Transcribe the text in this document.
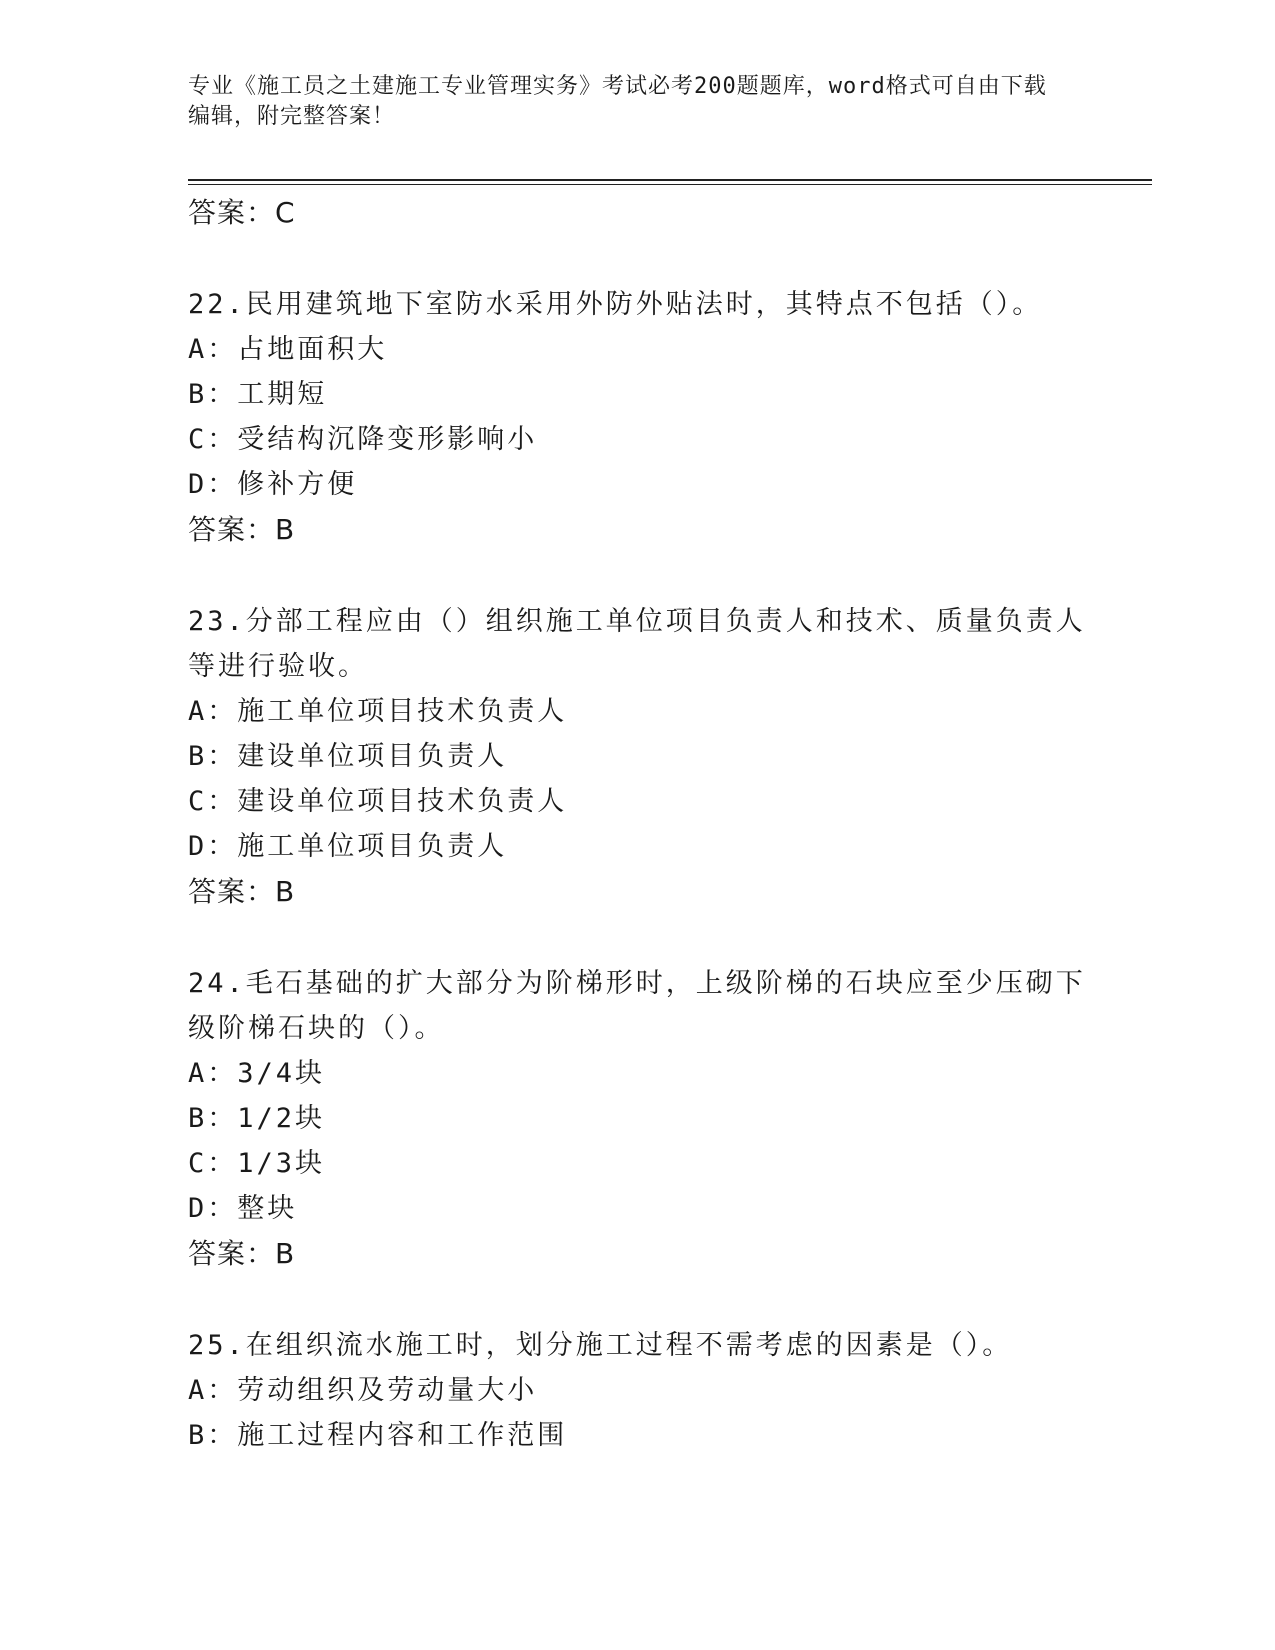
专业《施工员之土建施工专业管理实务》考试必考200题题库，word格式可自由下载编辑，附完整答案！
答案：C
22.民用建筑地下室防水采用外防外贴法时，其特点不包括（）。
A：占地面积大
B：工期短
C：受结构沉降变形影响小
D：修补方便
答案：B
23.分部工程应由（）组织施工单位项目负责人和技术、质量负责人等进行验收。
A：施工单位项目技术负责人
B：建设单位项目负责人
C：建设单位项目技术负责人
D：施工单位项目负责人
答案：B
24.毛石基础的扩大部分为阶梯形时，上级阶梯的石块应至少压砌下级阶梯石块的（）。
A：3/4块
B：1/2块
C：1/3块
D：整块
答案：B
25.在组织流水施工时，划分施工过程不需考虑的因素是（）。
A：劳动组织及劳动量大小
B：施工过程内容和工作范围
